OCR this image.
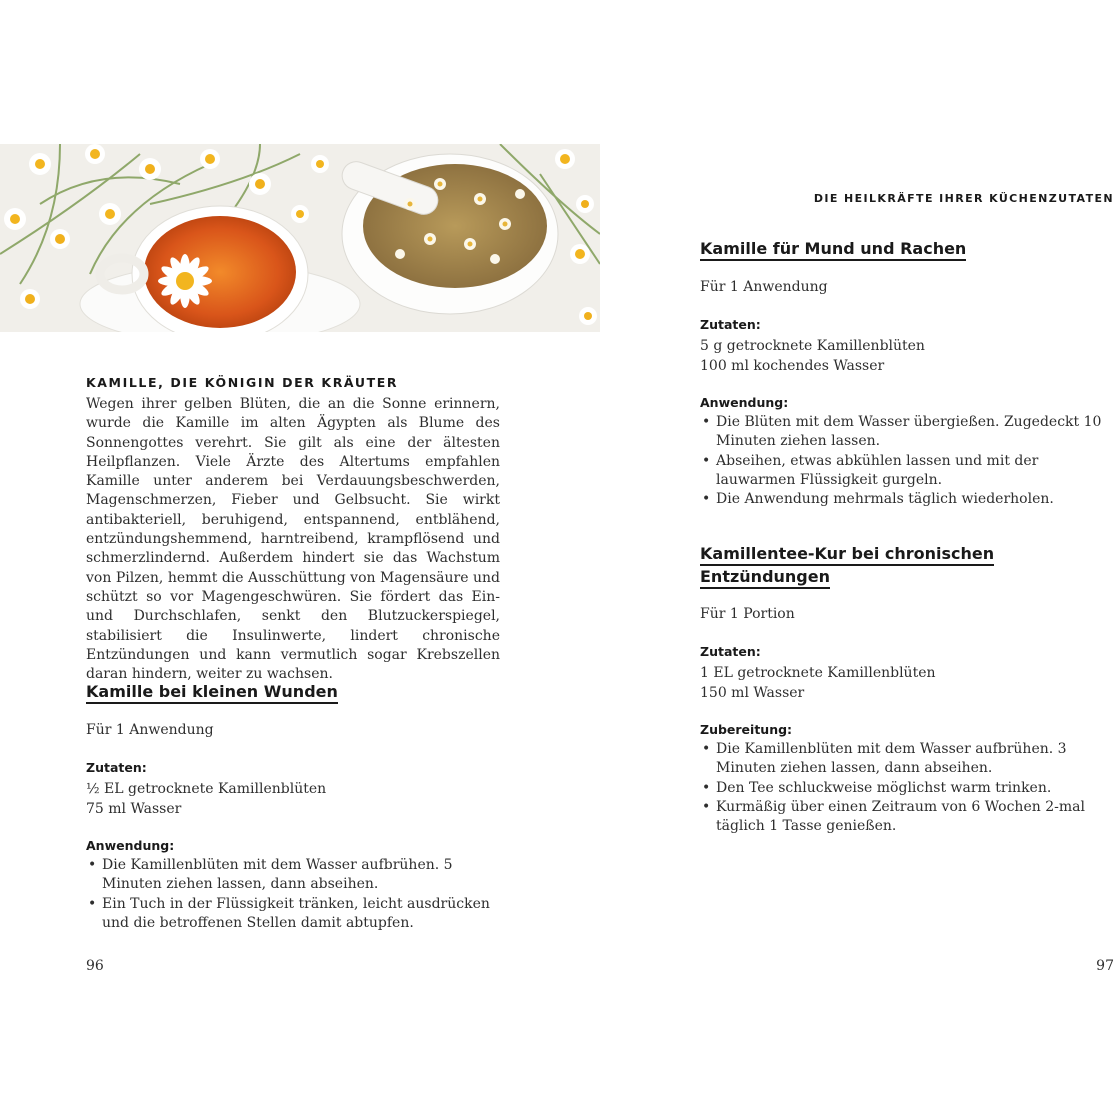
KAMILLE, DIE KÖNIGIN DER KRÄUTER
Wegen ihrer gelben Blüten, die an die Sonne erinnern, wurde die Kamille im alten Ägypten als Blume des Sonnengottes verehrt. Sie gilt als eine der ältesten Heilpflanzen. Viele Ärzte des Altertums empfahlen Kamille unter anderem bei Verdauungsbeschwerden, Magenschmerzen, Fieber und Gelbsucht. Sie wirkt antibakteriell, beruhigend, entspannend, entblähend, entzündungshemmend, harntreibend, krampflösend und schmerzlindernd. Außerdem hindert sie das Wachstum von Pilzen, hemmt die Ausschüttung von Magensäure und schützt so vor Magengeschwüren. Sie fördert das Ein- und Durchschlafen, senkt den Blutzuckerspiegel, stabilisiert die Insulinwerte, lindert chronische Entzündungen und kann vermutlich sogar Krebszellen daran hindern, weiter zu wachsen.
Kamille bei kleinen Wunden
Für 1 Anwendung
Zutaten:
½ EL getrocknete Kamillenblüten
75 ml Wasser
Anwendung:
• Die Kamillenblüten mit dem Wasser aufbrühen. 5 Minuten ziehen lassen, dann abseihen.
• Ein Tuch in der Flüssigkeit tränken, leicht ausdrücken und die betroffenen Stellen damit abtupfen.
96
DIE HEILKRÄFTE IHRER KÜCHENZUTATEN
Kamille für Mund und Rachen
Für 1 Anwendung
Zutaten:
5 g getrocknete Kamillenblüten
100 ml kochendes Wasser
Anwendung:
• Die Blüten mit dem Wasser übergießen. Zugedeckt 10 Minuten ziehen lassen.
• Abseihen, etwas abkühlen lassen und mit der lauwarmen Flüssigkeit gurgeln.
• Die Anwendung mehrmals täglich wiederholen.
Kamillentee-Kur bei chronischen
Entzündungen
Für 1 Portion
Zutaten:
1 EL getrocknete Kamillenblüten
150 ml Wasser
Zubereitung:
• Die Kamillenblüten mit dem Wasser aufbrühen. 3 Minuten ziehen lassen, dann abseihen.
• Den Tee schluckweise möglichst warm trinken.
• Kurmäßig über einen Zeitraum von 6 Wochen 2-mal täglich 1 Tasse genießen.
97
